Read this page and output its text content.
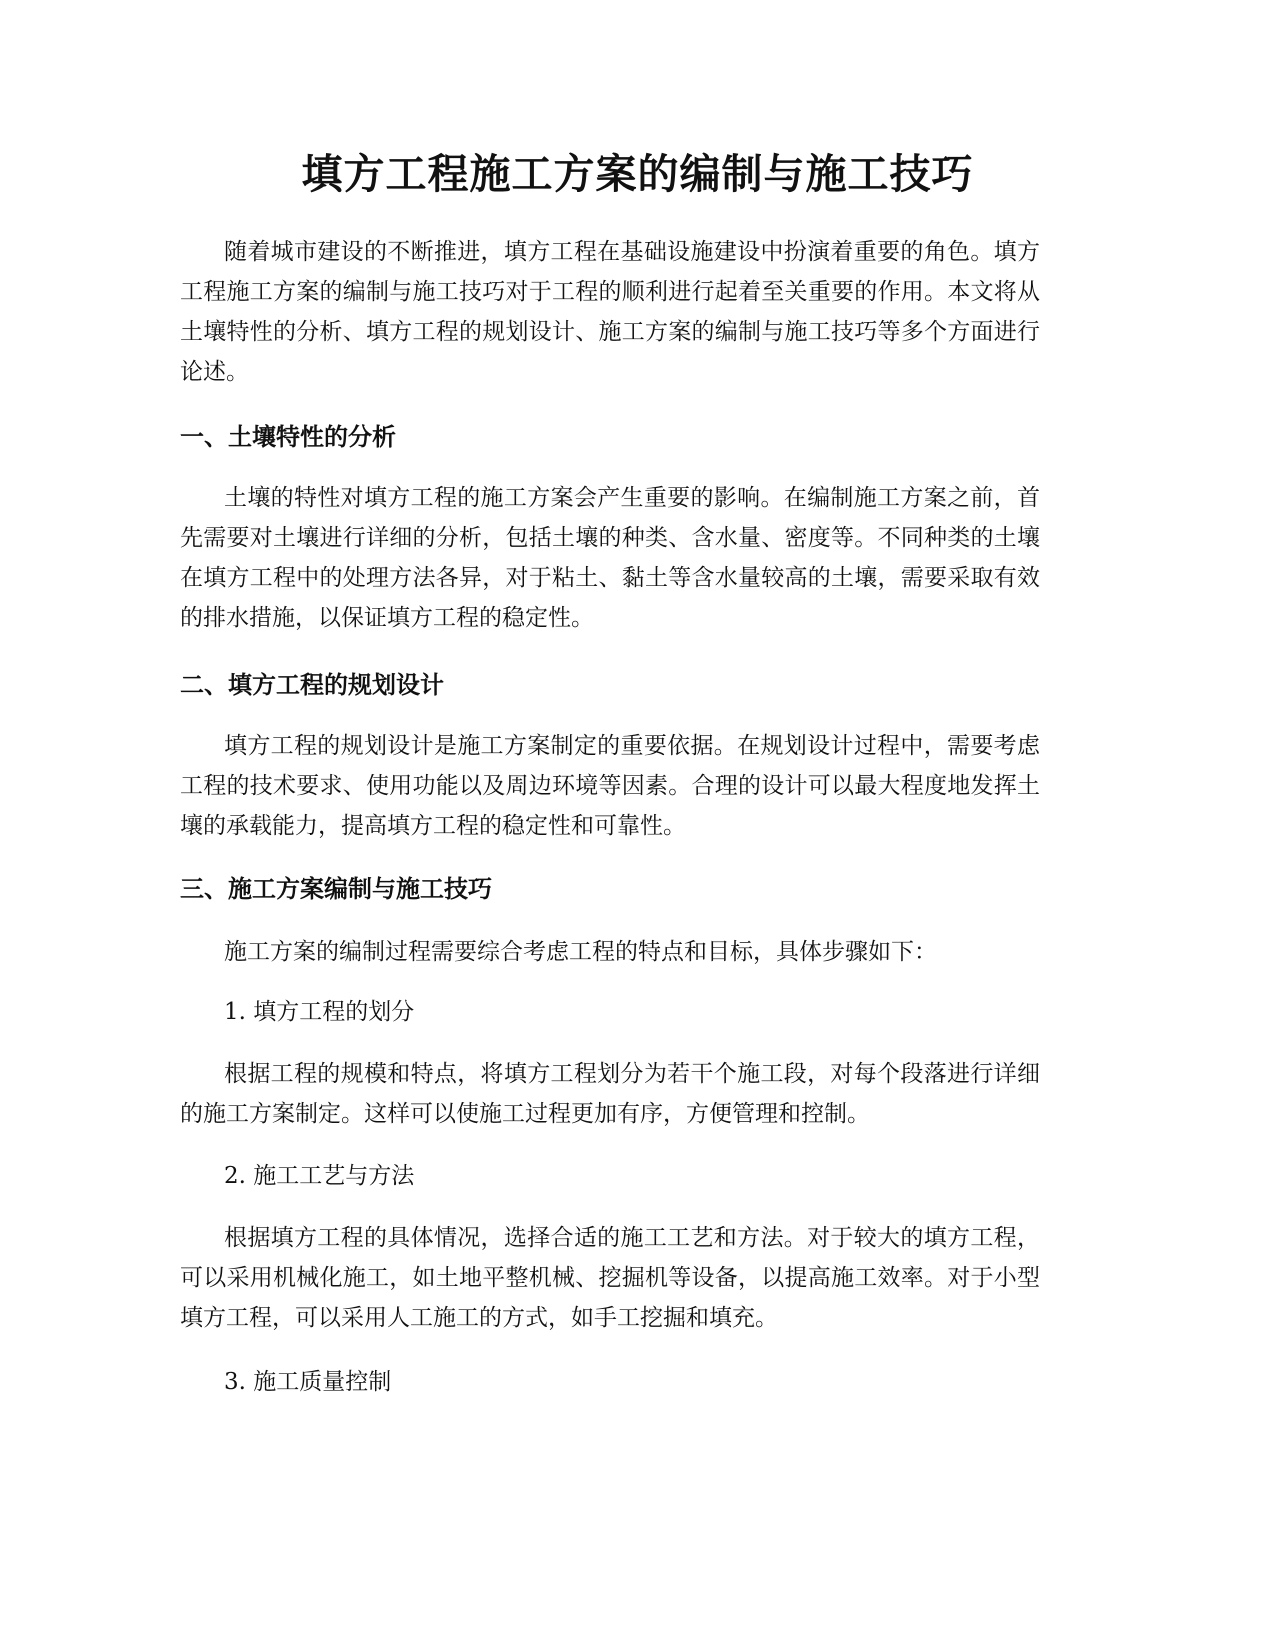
填方工程施工方案的编制与施工技巧

随着城市建设的不断推进，填方工程在基础设施建设中扮演着重要的角色。填方工程施工方案的编制与施工技巧对于工程的顺利进行起着至关重要的作用。本文将从土壤特性的分析、填方工程的规划设计、施工方案的编制与施工技巧等多个方面进行论述。

一、土壤特性的分析

土壤的特性对填方工程的施工方案会产生重要的影响。在编制施工方案之前，首先需要对土壤进行详细的分析，包括土壤的种类、含水量、密度等。不同种类的土壤在填方工程中的处理方法各异，对于粘土、黏土等含水量较高的土壤，需要采取有效的排水措施，以保证填方工程的稳定性。

二、填方工程的规划设计

填方工程的规划设计是施工方案制定的重要依据。在规划设计过程中，需要考虑工程的技术要求、使用功能以及周边环境等因素。合理的设计可以最大程度地发挥土壤的承载能力，提高填方工程的稳定性和可靠性。

三、施工方案编制与施工技巧

施工方案的编制过程需要综合考虑工程的特点和目标，具体步骤如下：

1. 填方工程的划分

根据工程的规模和特点，将填方工程划分为若干个施工段，对每个段落进行详细的施工方案制定。这样可以使施工过程更加有序，方便管理和控制。

2. 施工工艺与方法

根据填方工程的具体情况，选择合适的施工工艺和方法。对于较大的填方工程，可以采用机械化施工，如土地平整机械、挖掘机等设备，以提高施工效率。对于小型填方工程，可以采用人工施工的方式，如手工挖掘和填充。

3. 施工质量控制
